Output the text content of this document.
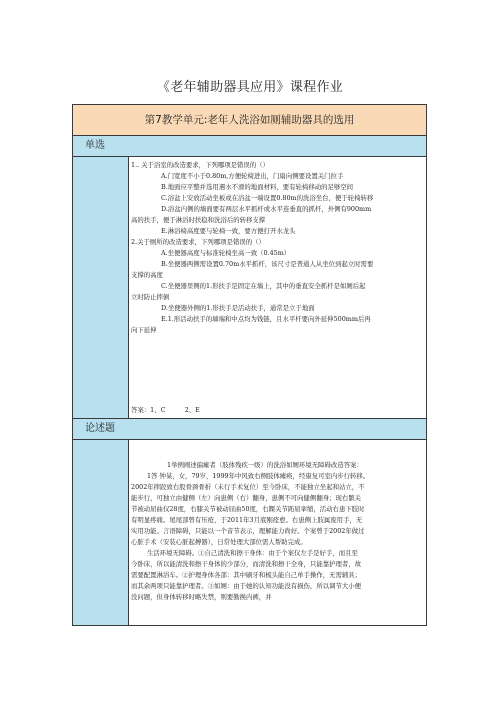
《老年辅助器具应用》课程作业
第7教学单元:老年人洗浴如厕辅助器具的选用
单选
1.. 关于浴室的改造要求，下列哪项是错误的（）
A.门宽度不小于0.80m,方便轮椅进出，门扇向侧要设置关门拉手
B.地面应平整并选用遇水不滑的地面材料，要有轮椅移动的足够空间
C.浴盆上安放活动坐板或在浴盆一端设置0.80m的洗浴坐台，便于轮椅转移
D.浴盆内侧的墙面要有两层水平抓杆或水平连垂直的抓杆，外侧有900mm
高的扶手，便于淋浴时扶稳和洗浴后的转移支撑
E.淋浴椅高度要与轮椅一致，要方便打开水龙头
2.关于厕所的改造要求，下列哪项是错误的（）
A.坐便器高度与标准轮椅坐高一致（0.45m）
B.坐便器两侧需设置0.70m水平抓杆，该尺寸是普通人从坐位到起立时需要
支撑的高度
C.坐便器里侧的1.形扶手是固定在墙上，其中的垂直安全抓杆是如厕后起
立时防止摔倒
D.坐便器外侧的1.形扶手是活动扶手，通常是立于地面
E.1.形活动扶手的墙端和中点均为钱链，且水平杆要向外延伸500mm后再
向下延伸
答案：1、C　　　2、E
论述题
1举例阐述偏瘫者（肢体残疾一级）的洗浴如厕环境无障碍改造答案：
1答 钟某，女，79岁，1999年中风致右侧肢体瘫痪，经康复可室内步行转移。
2002年摔跤致右股骨颈骨折（未行手术复位）至今卧床，不能独立坐起和站立，不
能步行，可独立由健侧（左）向患侧（右）翻身，患侧不可向健侧翻身；现右髌关
节被动屈曲仅28度，右膝关节被动屈曲50度，右踝关节跖屈挛缩，活动右患下肢时
有明显疼痛。尾尾部曾有压疮，于2011年3月底刚痊愈。右患侧上肢属废用手，无
实用功能。言语障碍，只能以一个音节表示，理解能力尚好。个案曾于2002年做过
心脏手术（安装心脏起搏器），日常处理大部位需人帮助完成。
生活环境无障碍。①自己清洗和擦干身体：由于个案仅左手是好手，而且至
今卧床，所以能清洗和擦干身体的少部分，而清洗和擦干全身，只能靠护理者，故
需要配置淋浴车。②护理身体各部：其中刷牙和梳头能自己单手操作，无需辅具；
而其余两项只能靠护理者。③如厕：由于她的认知功能没有损伤，所以调节大小便
没问题，但身体转移时略失禁，则要勤换内裤，并
